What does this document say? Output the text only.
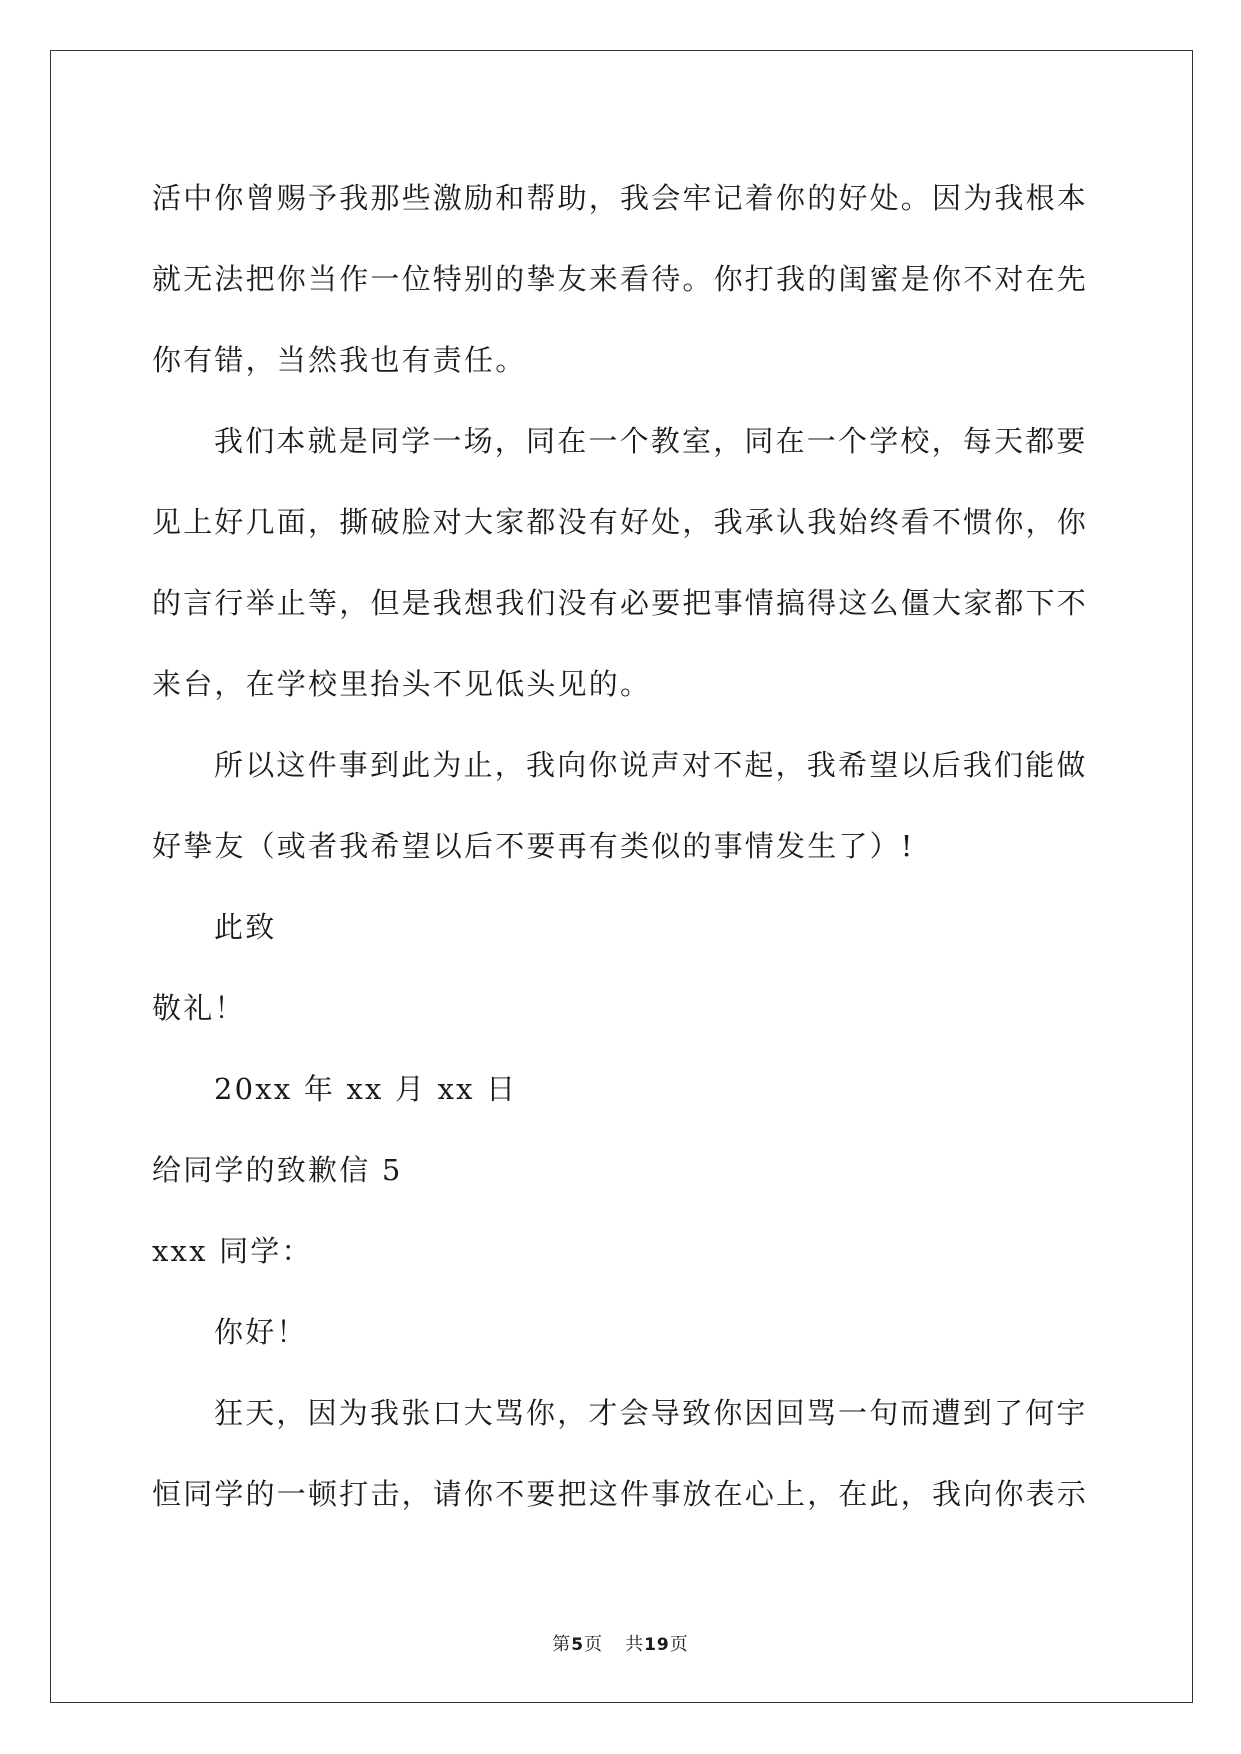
活中你曾赐予我那些激励和帮助，我会牢记着你的好处。因为我根本
就无法把你当作一位特别的挚友来看待。你打我的闺蜜是你不对在先
你有错，当然我也有责任。
我们本就是同学一场，同在一个教室，同在一个学校，每天都要
见上好几面，撕破脸对大家都没有好处，我承认我始终看不惯你，你
的言行举止等，但是我想我们没有必要把事情搞得这么僵大家都下不
来台，在学校里抬头不见低头见的。
所以这件事到此为止，我向你说声对不起，我希望以后我们能做
好挚友（或者我希望以后不要再有类似的事情发生了）!
此致
敬礼！
20xx 年 xx 月 xx 日
给同学的致歉信 5
xxx 同学：
你好！
狂天，因为我张口大骂你，才会导致你因回骂一句而遭到了何宇
恒同学的一顿打击，请你不要把这件事放在心上，在此，我向你表示
第5页 共19页
